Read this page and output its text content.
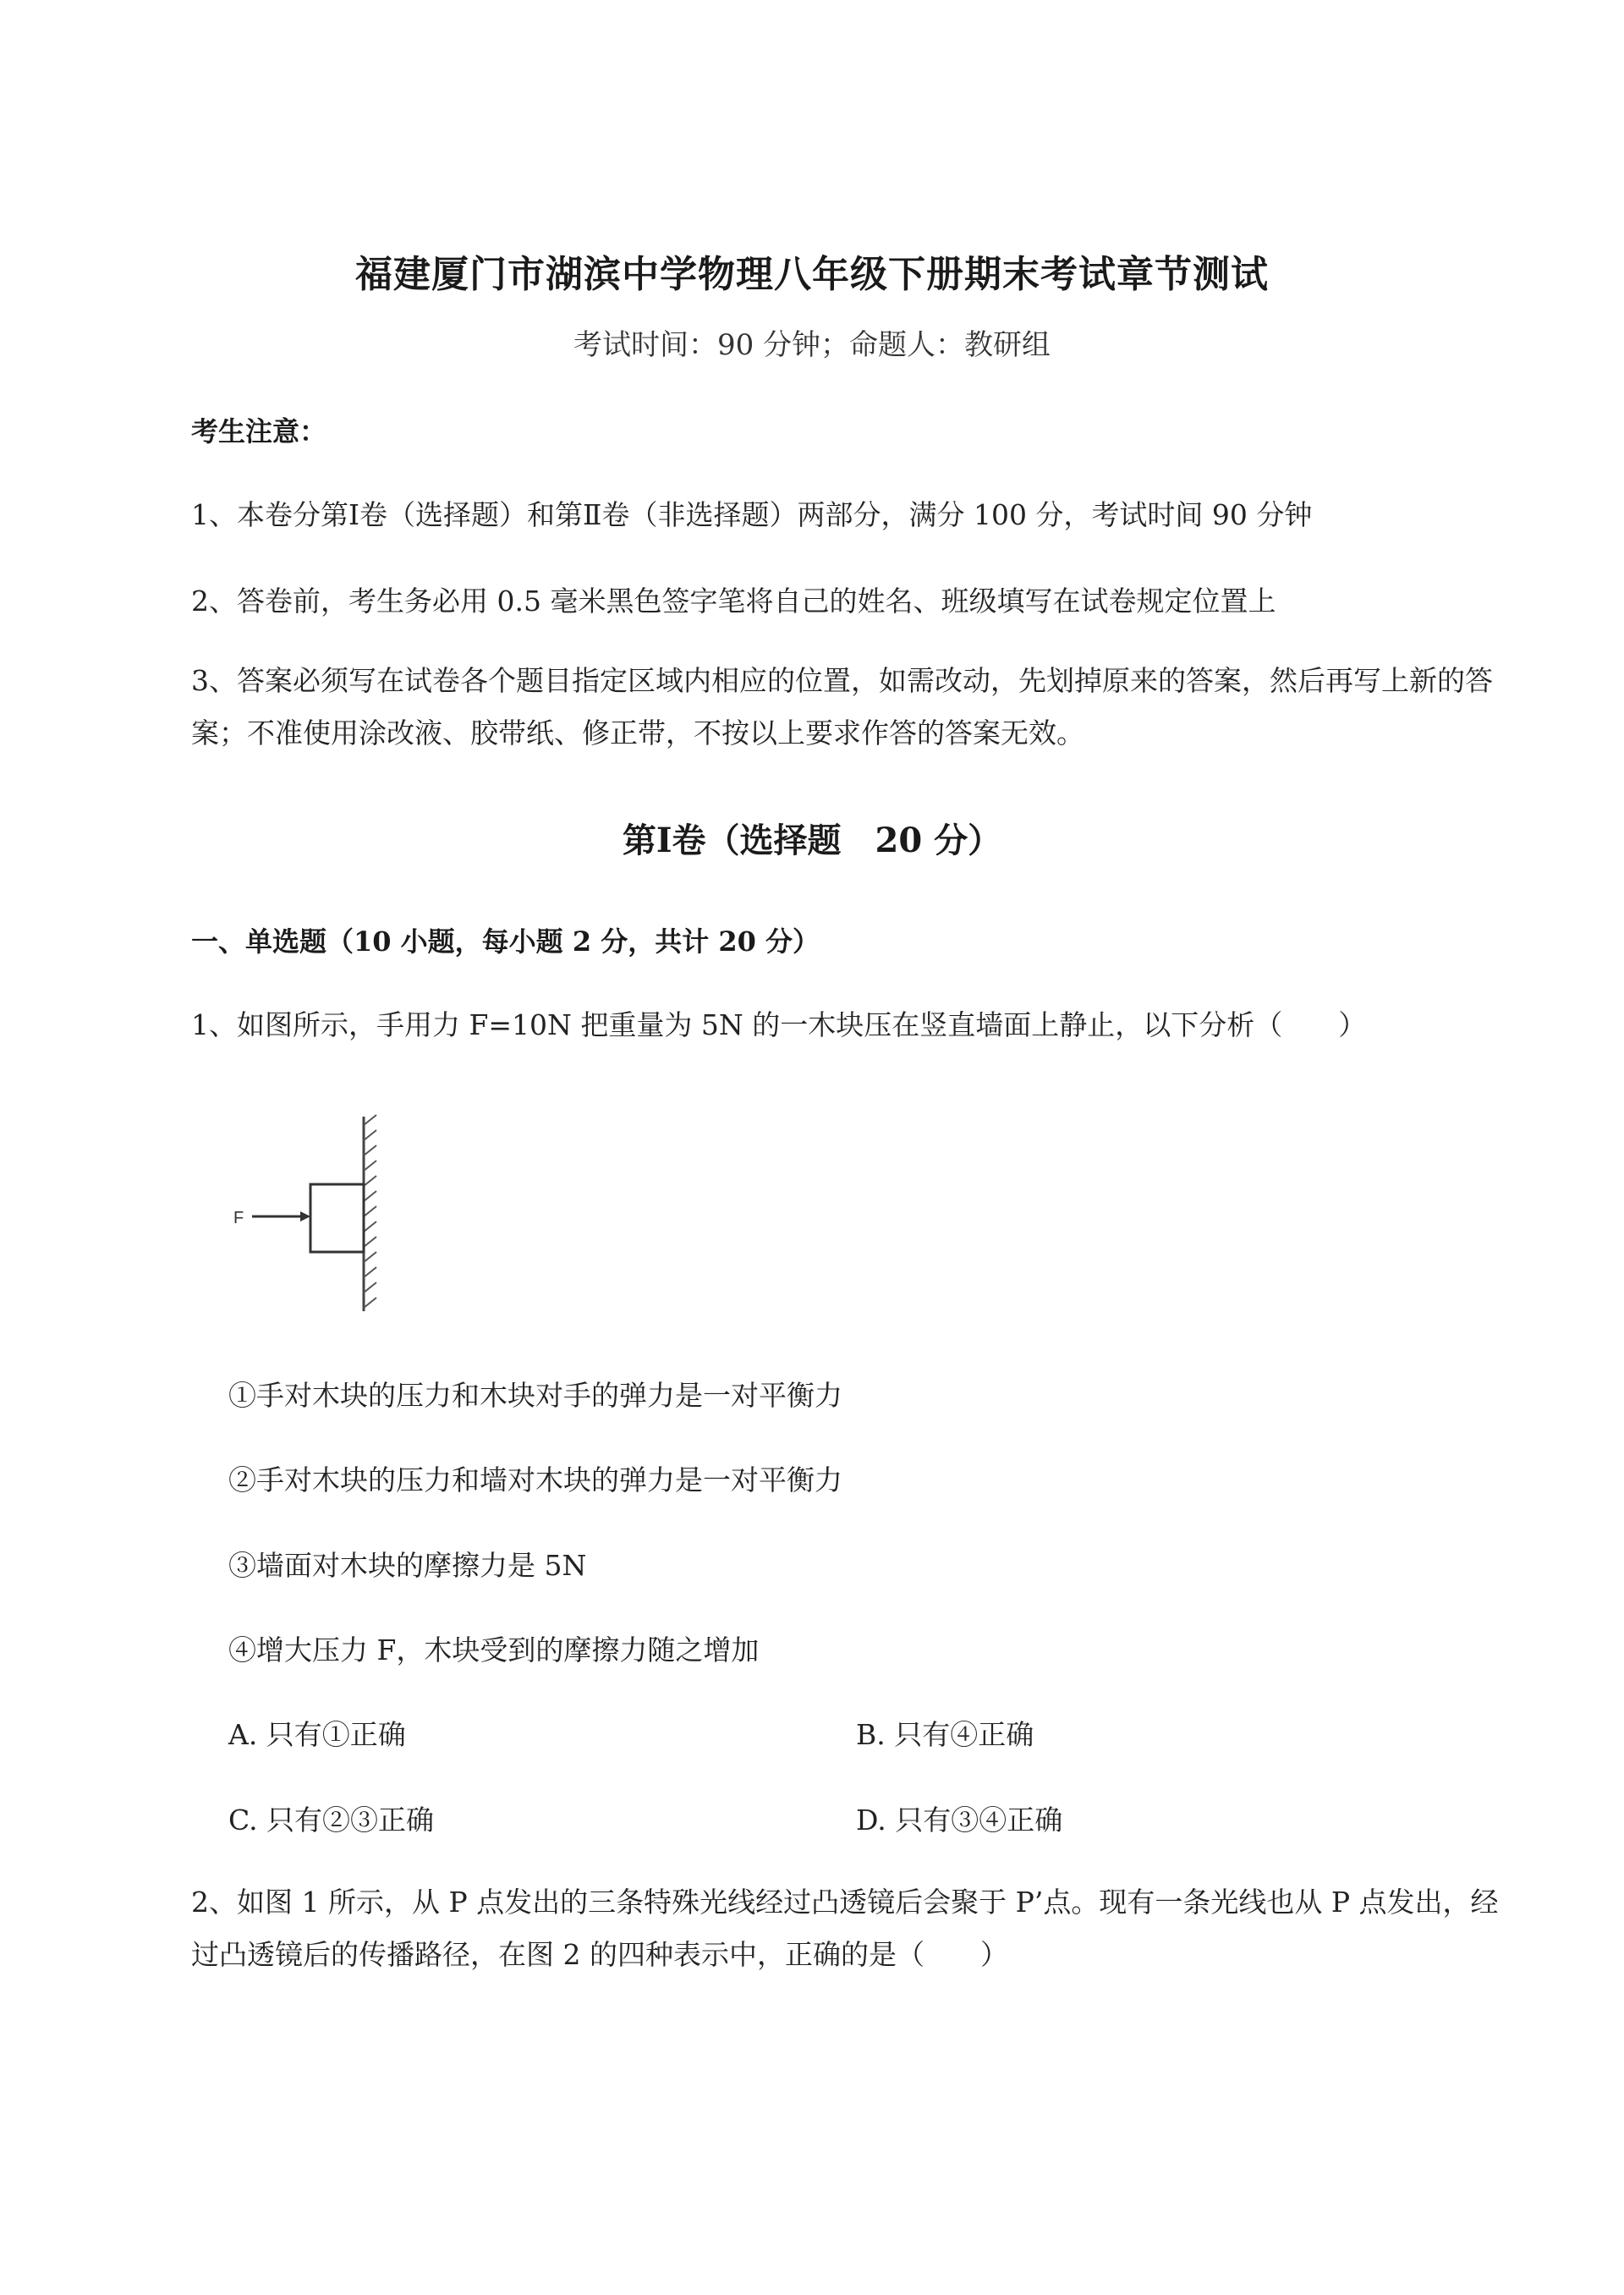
福建厦门市湖滨中学物理八年级下册期末考试章节测试
考试时间：90 分钟；命题人：教研组
考生注意：
1、本卷分第Ⅰ卷（选择题）和第Ⅱ卷（非选择题）两部分，满分 100 分，考试时间 90 分钟
2、答卷前，考生务必用 0.5 毫米黑色签字笔将自己的姓名、班级填写在试卷规定位置上
3、答案必须写在试卷各个题目指定区域内相应的位置，如需改动，先划掉原来的答案，然后再写上新的答案；不准使用涂改液、胶带纸、修正带，不按以上要求作答的答案无效。
第Ⅰ卷（选择题　20 分）
一、单选题（10 小题，每小题 2 分，共计 20 分）
1、如图所示，手用力 F=10N 把重量为 5N 的一木块压在竖直墙面上静止，以下分析（　　）
F
①手对木块的压力和木块对手的弹力是一对平衡力
②手对木块的压力和墙对木块的弹力是一对平衡力
③墙面对木块的摩擦力是 5N
④增大压力 F，木块受到的摩擦力随之增加
A. 只有①正确	B. 只有④正确
C. 只有②③正确	D. 只有③④正确
2、如图 1 所示，从 P 点发出的三条特殊光线经过凸透镜后会聚于 P’点。现有一条光线也从 P 点发出，经过凸透镜后的传播路径，在图 2 的四种表示中，正确的是（　　）
